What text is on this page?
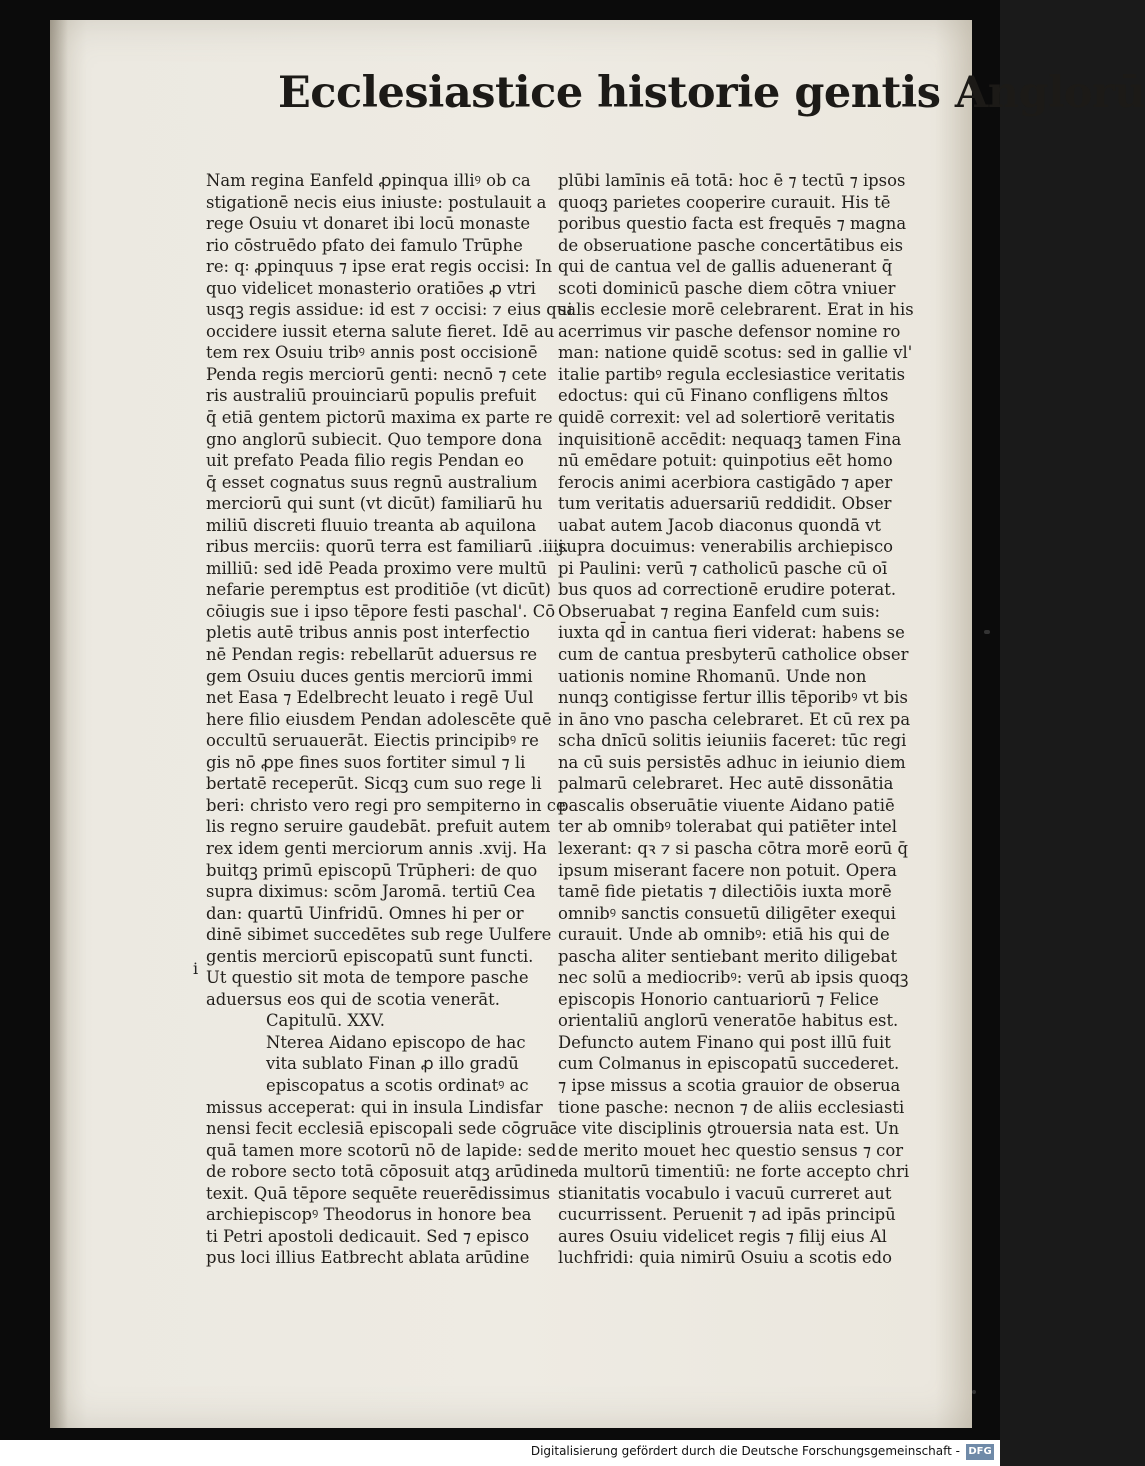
Ecclesiastice historie gentis Anglorū
Nam regina Eanfeld ꝓpinqua illiꝰ ob ca
stigationē necis eius iniuste: postulauit a
rege Osuiu vt donaret ibi locū monaste
rio cōstruēdo pfato dei famulo Trūphe
re: q꞉ ꝓpinquus ⁊ ipse erat regis occisi: In
quo videlicet monasterio oratiōes ꝓ vtri
usqꝫ regis assidue: id est ⁊ occisi: ⁊ eius qui
occidere iussit eterna salute fieret. Idē au
tem rex Osuiu tribꝰ annis post occisionē
Penda regis merciorū genti: necnō ⁊ cete
ris australiū prouinciarū populis prefuit
q̄ etiā gentem pictorū maxima ex parte re
gno anglorū subiecit. Quo tempore dona
uit prefato Peada filio regis Pendan eo
q̄ esset cognatus suus regnū australium
merciorū qui sunt (vt dicūt) familiarū hu
miliū discreti fluuio treanta ab aquilona
ribus merciis: quorū terra est familiarū .iiij.
milliū: sed idē Peada proximo vere multū
nefarie peremptus est proditiōe (vt dicūt)
cōiugis sue i ipso tēpore festi paschal'. Cō
pletis autē tribus annis post interfectio
nē Pendan regis: rebellarūt aduersus re
gem Osuiu duces gentis merciorū immi
net Easa ⁊ Edelbrecht leuato i regē Uul
here filio eiusdem Pendan adolescēte quē
occultū seruauerāt. Eiectis principibꝰ re
gis nō ꝓpe fines suos fortiter simul ⁊ li
bertatē receperūt. Sicqꝫ cum suo rege li
beri: christo vero regi pro sempiterno in ce
lis regno seruire gaudebāt. prefuit autem
rex idem genti merciorum annis .xvij. Ha
buitqꝫ primū episcopū Trūpheri: de quo
supra diximus: scōm Jaromā. tertiū Cea
dan: quartū Uinfridū. Omnes hi per or
dinē sibimet succedētes sub rege Uulfere
gentis merciorū episcopatū sunt functi.
Ut questio sit mota de tempore pasche
aduersus eos qui de scotia venerāt.
Capitulū. XXV.
Nterea Aidano episcopo de hac
vita sublato Finan ꝓ illo gradū
episcopatus a scotis ordinatꝰ ac
missus acceperat: qui in insula Lindisfar
nensi fecit ecclesiā episcopali sede cōgruā.
quā tamen more scotorū nō de lapide: sed
de robore secto totā cōposuit atqꝫ arūdine
texit. Quā tēpore sequēte reuerēdissimus
archiepiscopꝰ Theodorus in honore bea
ti Petri apostoli dedicauit. Sed ⁊ episco
pus loci illius Eatbrecht ablata arūdine
plūbi lamīnis eā totā: hoc ē ⁊ tectū ⁊ ipsos
quoqꝫ parietes cooperire curauit. His tē
poribus questio facta est frequēs ⁊ magna
de obseruatione pasche concertātibus eis
qui de cantua vel de gallis aduenerant q̄
scoti dominicū pasche diem cōtra vniuer
salis ecclesie morē celebrarent. Erat in his
acerrimus vir pasche defensor nomine ro
man: natione quidē scotus: sed in gallie vl'
italie partibꝰ regula ecclesiastice veritatis
edoctus: qui cū Finano confligens m̄ltos
quidē correxit: vel ad solertiorē veritatis
inquisitionē accēdit: nequaqꝫ tamen Fina
nū emēdare potuit: quinpotius eēt homo
ferocis animi acerbiora castigādo ⁊ aper
tum veritatis aduersariū reddidit. Obser
uabat autem Jacob diaconus quondā vt
supra docuimus: venerabilis archiepisco
pi Paulini: verū ⁊ catholicū pasche cū oī
bus quos ad correctionē erudire poterat.
Obseruabat ⁊ regina Eanfeld cum suis:
iuxta qd̄ in cantua fieri viderat: habens se
cum de cantua presbyterū catholice obser
uationis nomine Rhomanū. Unde non
nunqꝫ contigisse fertur illis tēporibꝰ vt bis
in āno vno pascha celebraret. Et cū rex pa
scha dnīcū solitis ieiuniis faceret: tūc regi
na cū suis persistēs adhuc in ieiunio diem
palmarū celebraret. Hec autē dissonātia
pascalis obseruātie viuente Aidano patiē
ter ab omnibꝰ tolerabat qui patiēter intel
lexerant: qꝛ ⁊ si pascha cōtra morē eorū q̄
ipsum miserant facere non potuit. Opera
tamē fide pietatis ⁊ dilectiōis iuxta morē
omnibꝰ sanctis consuetū diligēter exequi
curauit. Unde ab omnibꝰ: etiā his qui de
pascha aliter sentiebant merito diligebat
nec solū a mediocribꝰ: verū ab ipsis quoqꝫ
episcopis Honorio cantuariorū ⁊ Felice
orientaliū anglorū veneratōe habitus est.
Defuncto autem Finano qui post illū fuit
cum Colmanus in episcopatū succederet.
⁊ ipse missus a scotia grauior de obserua
tione pasche: necnon ⁊ de aliis ecclesiasti
ce vite disciplinis ꝯtrouersia nata est. Un
de merito mouet hec questio sensus ⁊ cor
da multorū timentiū: ne forte accepto chri
stianitatis vocabulo i vacuū curreret aut
cucurrissent. Peruenit ⁊ ad ipās principū
aures Osuiu videlicet regis ⁊ filij eius Al
luchfridi: quia nimirū Osuiu a scotis edo
i
Digitalisierung gefördert durch die Deutsche Forschungsgemeinschaft - DFG
